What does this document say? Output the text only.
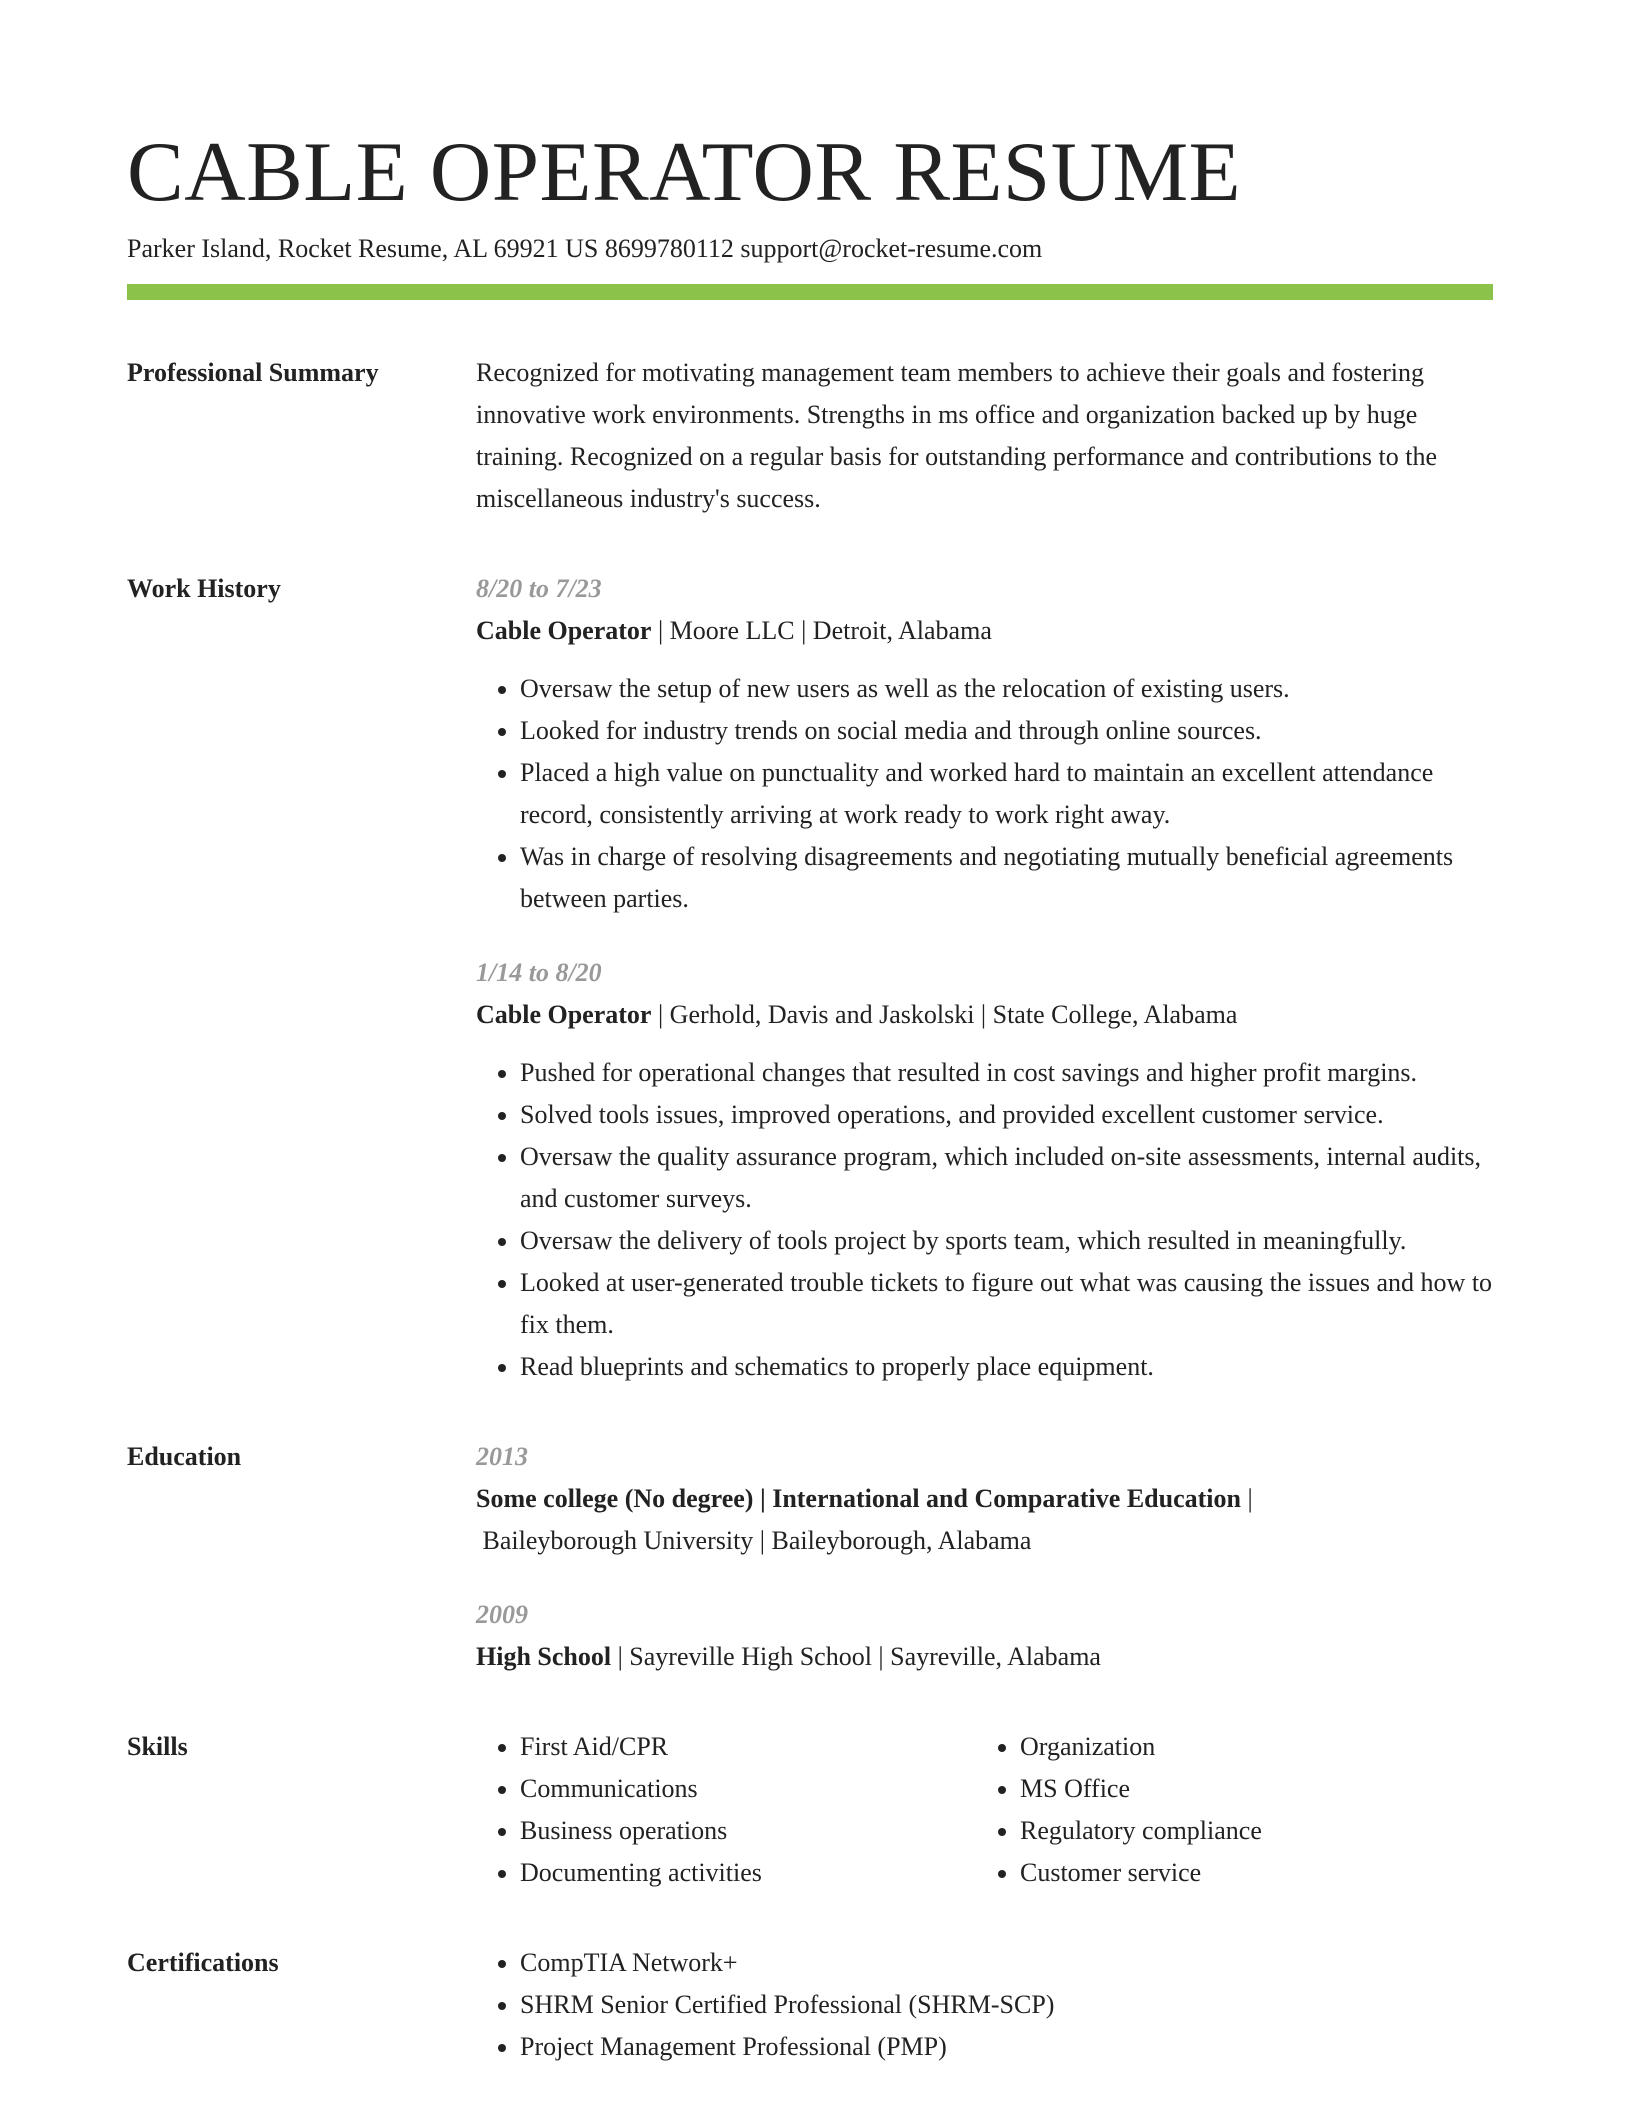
CABLE OPERATOR RESUME
Parker Island, Rocket Resume, AL 69921 US 8699780112 support@rocket-resume.com
Professional Summary	Recognized for motivating management team members to achieve their goals and fostering innovative work environments. Strengths in ms office and organization backed up by huge training. Recognized on a regular basis for outstanding performance and contributions to the miscellaneous industry's success.

Work History	8/20 to 7/23
Cable Operator | Moore LLC | Detroit, Alabama
• Oversaw the setup of new users as well as the relocation of existing users.
• Looked for industry trends on social media and through online sources.
• Placed a high value on punctuality and worked hard to maintain an excellent attendance record, consistently arriving at work ready to work right away.
• Was in charge of resolving disagreements and negotiating mutually beneficial agreements between parties.
1/14 to 8/20
Cable Operator | Gerhold, Davis and Jaskolski | State College, Alabama
• Pushed for operational changes that resulted in cost savings and higher profit margins.
• Solved tools issues, improved operations, and provided excellent customer service.
• Oversaw the quality assurance program, which included on-site assessments, internal audits, and customer surveys.
• Oversaw the delivery of tools project by sports team, which resulted in meaningfully.
• Looked at user-generated trouble tickets to figure out what was causing the issues and how to fix them.
• Read blueprints and schematics to properly place equipment.
Education	2013
Some college (No degree) | International and Comparative Education |
Baileyborough University | Baileyborough, Alabama
2009
High School | Sayreville High School | Sayreville, Alabama
Skills	• First Aid/CPR
• Communications
• Business operations
• Documenting activities
• Organization
• MS Office
• Regulatory compliance
• Customer service
Certifications	• CompTIA Network+
• SHRM Senior Certified Professional (SHRM-SCP)
• Project Management Professional (PMP)
